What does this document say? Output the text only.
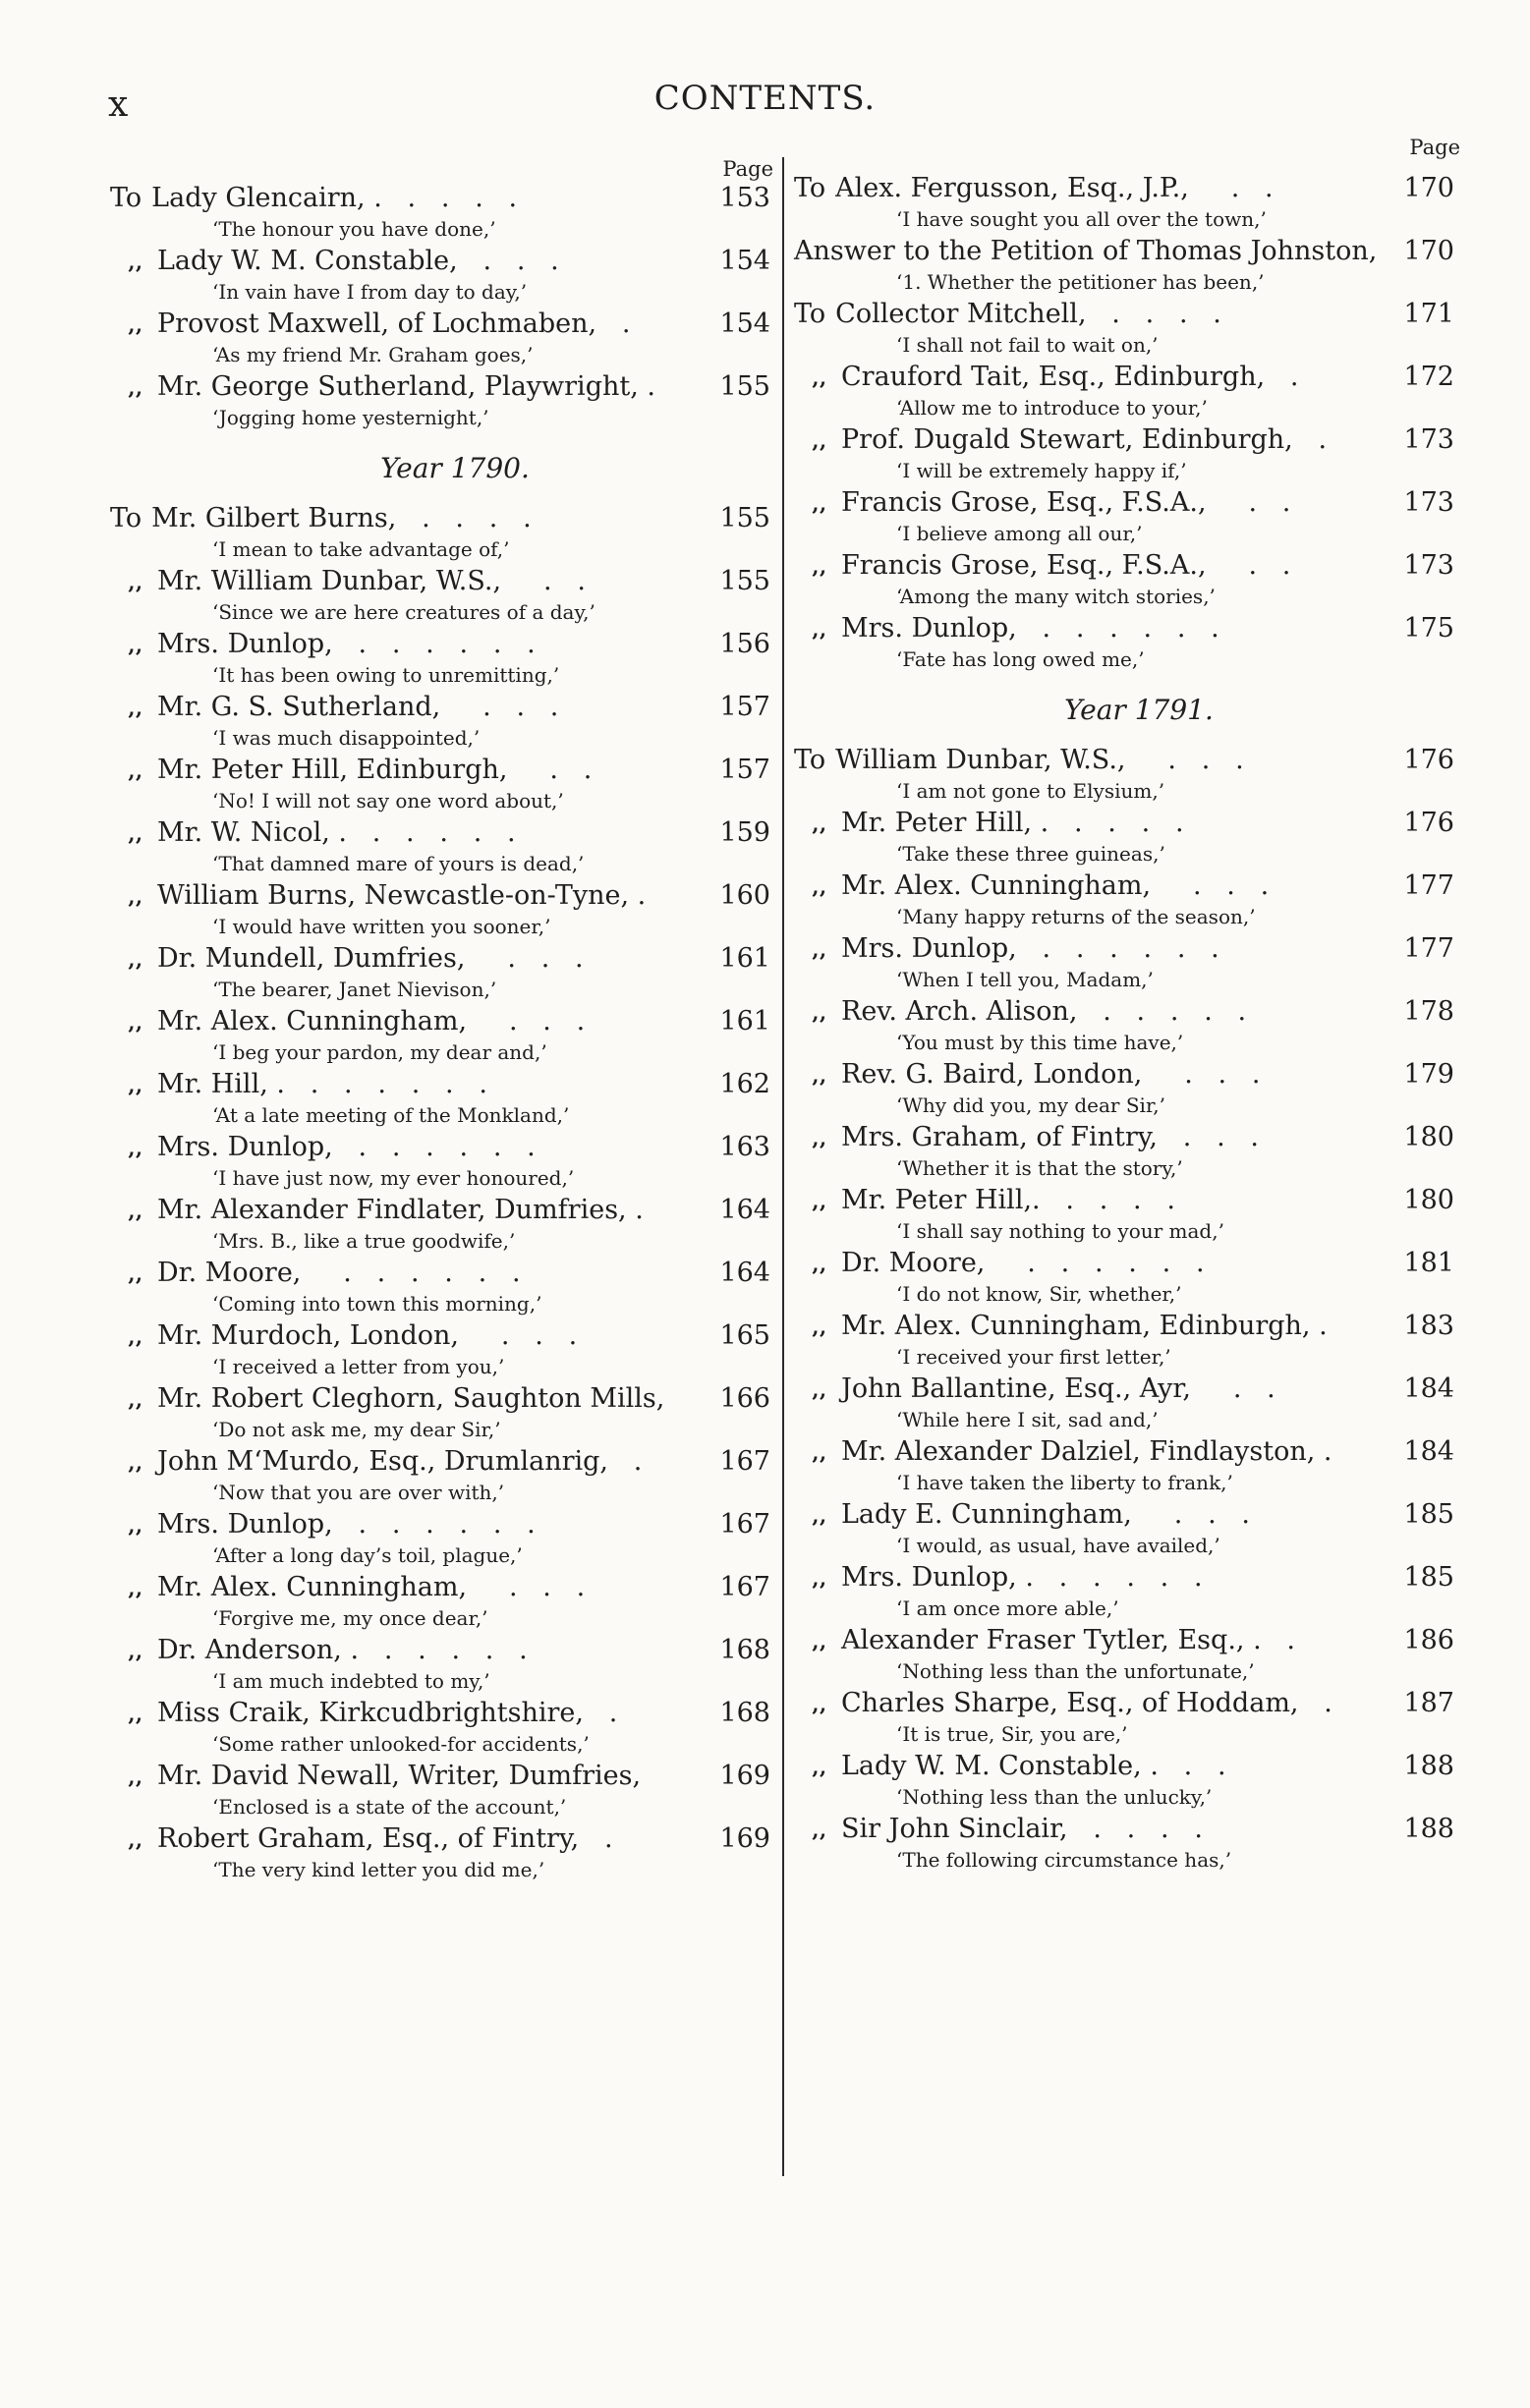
x	CONTENTS.
Page
To Lady Glencairn, .   .   .   .   .	153
‘The honour you have done,’
‚‚ Lady W. M. Constable,   .   .   .	154
‘In vain have I from day to day,’
‚‚ Provost Maxwell, of Lochmaben,   .	154
‘As my friend Mr. Graham goes,’
‚‚ Mr. George Sutherland, Playwright, .	155
‘Jogging home yesternight,’
Year 1790.
To Mr. Gilbert Burns,   .   .   .   .	155
‘I mean to take advantage of,’
‚‚ Mr. William Dunbar, W.S.,     .   .	155
‘Since we are here creatures of a day,’
‚‚ Mrs. Dunlop,   .   .   .   .   .   .	156
‘It has been owing to unremitting,’
‚‚ Mr. G. S. Sutherland,     .   .   .	157
‘I was much disappointed,’
‚‚ Mr. Peter Hill, Edinburgh,     .   .	157
‘No! I will not say one word about,’
‚‚ Mr. W. Nicol, .   .   .   .   .   .	159
‘That damned mare of yours is dead,’
‚‚ William Burns, Newcastle-on-Tyne, .	160
‘I would have written you sooner,’
‚‚ Dr. Mundell, Dumfries,     .   .   .	161
‘The bearer, Janet Nievison,’
‚‚ Mr. Alex. Cunningham,     .   .   .	161
‘I beg your pardon, my dear and,’
‚‚ Mr. Hill, .   .   .   .   .   .   .	162
‘At a late meeting of the Monkland,’
‚‚ Mrs. Dunlop,   .   .   .   .   .   .	163
‘I have just now, my ever honoured,’
‚‚ Mr. Alexander Findlater, Dumfries, .	164
‘Mrs. B., like a true goodwife,’
‚‚ Dr. Moore,     .   .   .   .   .   .	164
‘Coming into town this morning,’
‚‚ Mr. Murdoch, London,     .   .   .	165
‘I received a letter from you,’
‚‚ Mr. Robert Cleghorn, Saughton Mills,	166
‘Do not ask me, my dear Sir,’
‚‚ John M‘Murdo, Esq., Drumlanrig,   .	167
‘Now that you are over with,’
‚‚ Mrs. Dunlop,   .   .   .   .   .   .	167
‘After a long day’s toil, plague,’
‚‚ Mr. Alex. Cunningham,     .   .   .	167
‘Forgive me, my once dear,’
‚‚ Dr. Anderson, .   .   .   .   .   .	168
‘I am much indebted to my,’
‚‚ Miss Craik, Kirkcudbrightshire,   .	168
‘Some rather unlooked-for accidents,’
‚‚ Mr. David Newall, Writer, Dumfries,	169
‘Enclosed is a state of the account,’
‚‚ Robert Graham, Esq., of Fintry,   .	169
‘The very kind letter you did me,’
Page
To Alex. Fergusson, Esq., J.P.,     .   .	170
‘I have sought you all over the town,’
Answer to the Petition of Thomas Johnston,	170
‘1. Whether the petitioner has been,’
To Collector Mitchell,   .   .   .   .	171
‘I shall not fail to wait on,’
‚‚ Crauford Tait, Esq., Edinburgh,   .	172
‘Allow me to introduce to your,’
‚‚ Prof. Dugald Stewart, Edinburgh,   .	173
‘I will be extremely happy if,’
‚‚ Francis Grose, Esq., F.S.A.,     .   .	173
‘I believe among all our,’
‚‚ Francis Grose, Esq., F.S.A.,     .   .	173
‘Among the many witch stories,’
‚‚ Mrs. Dunlop,   .   .   .   .   .   .	175
‘Fate has long owed me,’
Year 1791.
To William Dunbar, W.S.,     .   .   .	176
‘I am not gone to Elysium,’
‚‚ Mr. Peter Hill, .   .   .   .   .	176
‘Take these three guineas,’
‚‚ Mr. Alex. Cunningham,     .   .   .	177
‘Many happy returns of the season,’
‚‚ Mrs. Dunlop,   .   .   .   .   .   .	177
‘When I tell you, Madam,’
‚‚ Rev. Arch. Alison,   .   .   .   .   .	178
‘You must by this time have,’
‚‚ Rev. G. Baird, London,     .   .   .	179
‘Why did you, my dear Sir,’
‚‚ Mrs. Graham, of Fintry,   .   .   .	180
‘Whether it is that the story,’
‚‚ Mr. Peter Hill,.   .   .   .   .	180
‘I shall say nothing to your mad,’
‚‚ Dr. Moore,     .   .   .   .   .   .	181
‘I do not know, Sir, whether,’
‚‚ Mr. Alex. Cunningham, Edinburgh, .	183
‘I received your first letter,’
‚‚ John Ballantine, Esq., Ayr,     .   .	184
‘While here I sit, sad and,’
‚‚ Mr. Alexander Dalziel, Findlayston, .	184
‘I have taken the liberty to frank,’
‚‚ Lady E. Cunningham,     .   .   .	185
‘I would, as usual, have availed,’
‚‚ Mrs. Dunlop, .   .   .   .   .   .	185
‘I am once more able,’
‚‚ Alexander Fraser Tytler, Esq., .   .	186
‘Nothing less than the unfortunate,’
‚‚ Charles Sharpe, Esq., of Hoddam,   .	187
‘It is true, Sir, you are,’
‚‚ Lady W. M. Constable, .   .   .	188
‘Nothing less than the unlucky,’
‚‚ Sir John Sinclair,   .   .   .   .	188
‘The following circumstance has,’
